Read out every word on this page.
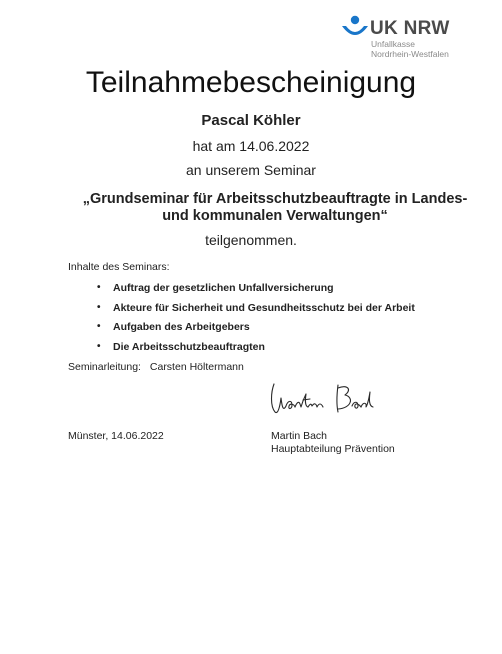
UK NRW
Unfallkasse
Nordrhein-Westfalen
Teilnahmebescheinigung
Pascal Köhler
hat am 14.06.2022
an unserem Seminar
„Grundseminar für Arbeitsschutzbeauftragte in Landes-
und kommunalen Verwaltungen“
teilgenommen.
Inhalte des Seminars:
• Auftrag der gesetzlichen Unfallversicherung
• Akteure für Sicherheit und Gesundheitsschutz bei der Arbeit
• Aufgaben des Arbeitgebers
• Die Arbeitsschutzbeauftragten
Seminarleitung: Carsten Höltermann
Münster, 14.06.2022	Martin Bach
Hauptabteilung Prävention
